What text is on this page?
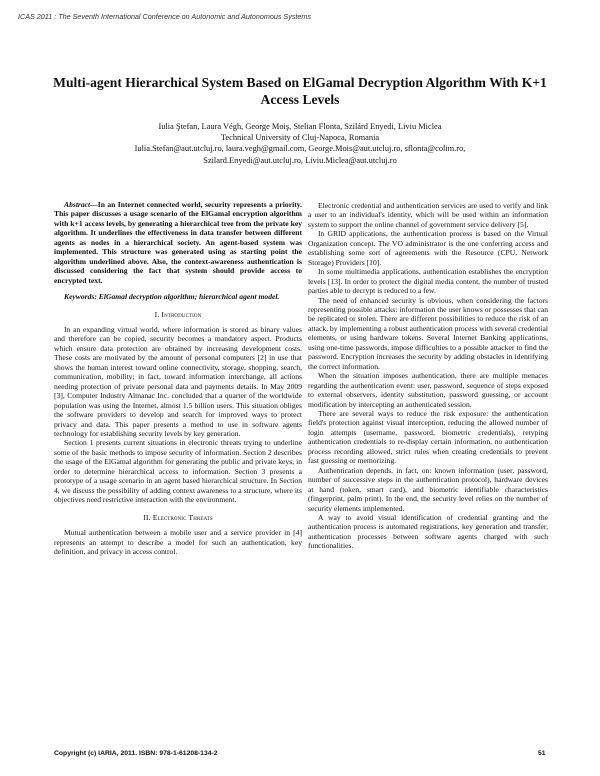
ICAS 2011 : The Seventh International Conference on Autonomic and Autonomous Systems
Multi-agent Hierarchical System Based on ElGamal Decryption Algorithm With K+1 Access Levels
Iulia Ştefan, Laura Végh, George Moiş, Stelian Flonta, Szilárd Enyedi, Liviu Miclea
Technical University of Cluj-Napoca, Romania
Iulia.Stefan@aut.utcluj.ro, laura.vegh@gmail.com, George.Mois@aut.utcluj.ro, sflonta@colim.ro,
Szilard.Enyedi@aut.utcluj.ro, Liviu.Miclea@aut.utcluj.ro

Abstract—In an Internet connected world, security represents a priority. This paper discusses a usage scenario of the ElGamal encryption algorithm with k+1 access levels, by generating a hierarchical tree from the private key algorithm. It underlines the effectiveness in data transfer between different agents as nodes in a hierarchical society. An agent-based system was implemented. This structure was generated using as starting point the algorithm underlined above. Also, the context-awareness authentication is discussed considering the fact that system should provide access to encrypted text.

Keywords: ElGamal decryption algorithm; hierarchical agent model.

I. Introduction

In an expanding virtual world, where information is stored as binary values and therefore can be copied, security becomes a mandatory aspect. Products which ensure data protection are obtained by increasing development costs. These costs are motivated by the amount of personal computers [2] in use that shows the human interest toward online connectivity, storage, shopping, search, communication, mobility; in fact, toward information interchange, all actions needing protection of private personal data and payments details. In May 2009 [3], Computer Industry Almanac Inc. concluded that a quarter of the worldwide population was using the Internet, almost 1.5 billion users. This situation obliges the software providers to develop and search for improved ways to protect privacy and data. This paper presents a method to use in software agents technology for establishing security levels by key generation.

Section 1 presents current situations in electronic threats trying to underline some of the basic methods to impose security of information. Section 2 describes the usage of the ElGamal algorithm for generating the public and private keys, in order to determine hierarchical access to information. Section 3 presents a prototype of a usage scenario in an agent based hierarchical structure. In Section 4, we discuss the possibility of adding context awareness to a structure, where its objectives need restrictive interaction with the environment.

II. Electronic Threats

Mutual authentication between a mobile user and a service provider in [4] represents an attempt to describe a model for such an authentication, key definition, and privacy in access control.

Electronic credential and authentication services are used to verify and link a user to an individual's identity, which will be used within an information system to support the online channel of government service delivery [5].

In GRID applications, the authentication process is based on the Virtual Organization concept. The VO administrator is the one conferring access and establishing some sort of agreements with the Resource (CPU, Network Storage) Providers [10].

In some multimedia applications, authentication establishes the encryption levels [13]. In order to protect the digital media content, the number of trusted parties able to decrypt is reduced to a few.

The need of enhanced security is obvious, when considering the factors representing possible attacks: information the user knows or possesses that can be replicated or stolen. There are different possibilities to reduce the risk of an attack, by implementing a robust authentication process with several credential elements, or using hardware tokens. Several Internet Banking applications, using one-time passwords, impose difficulties to a possible attacker to find the password. Encryption increases the security by adding obstacles in identifying the correct information.

When the situation imposes authentication, there are multiple menaces regarding the authentication event: user, password, sequence of steps exposed to external observers, identity substitution, password guessing, or account modification by intercepting an authenticated session.

There are several ways to reduce the risk exposure: the authentication field's protection against visual interception, reducing the allowed number of login attempts (username, password, biometric credentials), retyping authentication credentials to re-display certain information, no authentication process recording allowed, strict rules when creating credentials to prevent fast guessing or memorizing.

Authentication depends, in fact, on: known information (user, password, number of successive steps in the authentication protocol), hardware devices at hand (token, smart card), and biometric identifiable characteristics (fingerprint, palm print). In the end, the security level relies on the number of security elements implemented.

A way to avoid visual identification of credential granting and the authentication process is automated registrations, key generation and transfer, authentication processes between software agents charged with such functionalities.

Copyright (c) IARIA, 2011. ISBN: 978-1-61208-134-2	51
